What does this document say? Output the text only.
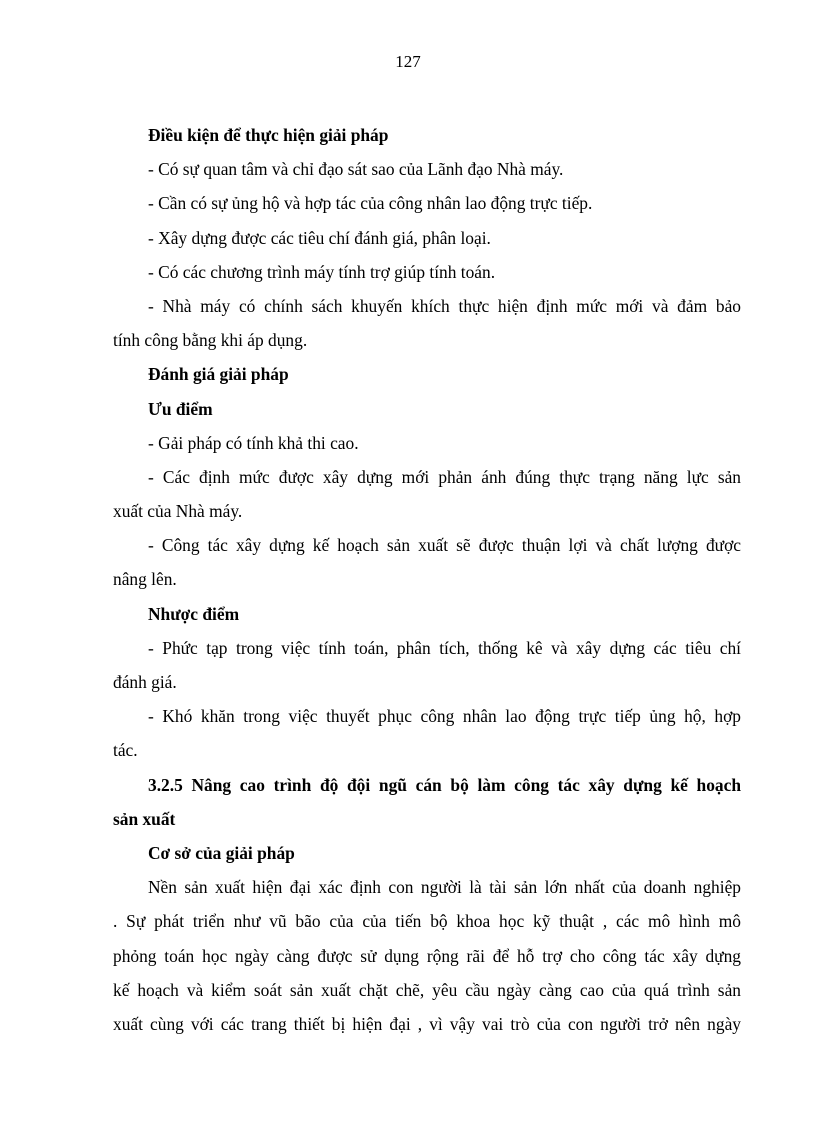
127
Điều kiện để thực hiện giải pháp
- Có sự quan tâm và chỉ đạo sát sao của Lãnh đạo Nhà máy.
- Cần có sự ủng hộ và hợp tác của công nhân lao động trực tiếp.
- Xây dựng được các tiêu chí đánh giá, phân loại.
- Có các chương trình máy tính trợ giúp tính toán.
- Nhà máy có chính sách khuyến khích thực hiện định mức mới và đảm bảo
tính công bằng khi áp dụng.
Đánh giá giải pháp
Ưu điểm
- Gải pháp có tính khả thi cao.
- Các định mức được xây dựng mới phản ánh đúng thực trạng năng lực sản
xuất của Nhà máy.
- Công tác xây dựng kế hoạch sản xuất sẽ được thuận lợi và chất lượng được
nâng lên.
Nhược điểm
- Phức tạp trong việc tính toán, phân tích, thống kê và xây dựng các tiêu chí
đánh giá.
- Khó khăn trong việc thuyết phục công nhân lao động trực tiếp ủng hộ, hợp
tác.
3.2.5 Nâng cao trình độ đội ngũ cán bộ làm công tác xây dựng kế hoạch
sản xuất
Cơ sở của giải pháp
Nền sản xuất hiện đại xác định con người là tài sản lớn nhất của doanh nghiệp
. Sự phát triển như vũ bão của của tiến bộ khoa học kỹ thuật , các mô hình mô
phỏng toán học ngày càng được sử dụng rộng rãi để hỗ trợ cho công tác xây dựng
kế hoạch và kiểm soát sản xuất chặt chẽ, yêu cầu ngày càng cao của quá trình sản
xuất cùng với các trang thiết bị hiện đại , vì vậy vai trò của con người trở nên ngày
